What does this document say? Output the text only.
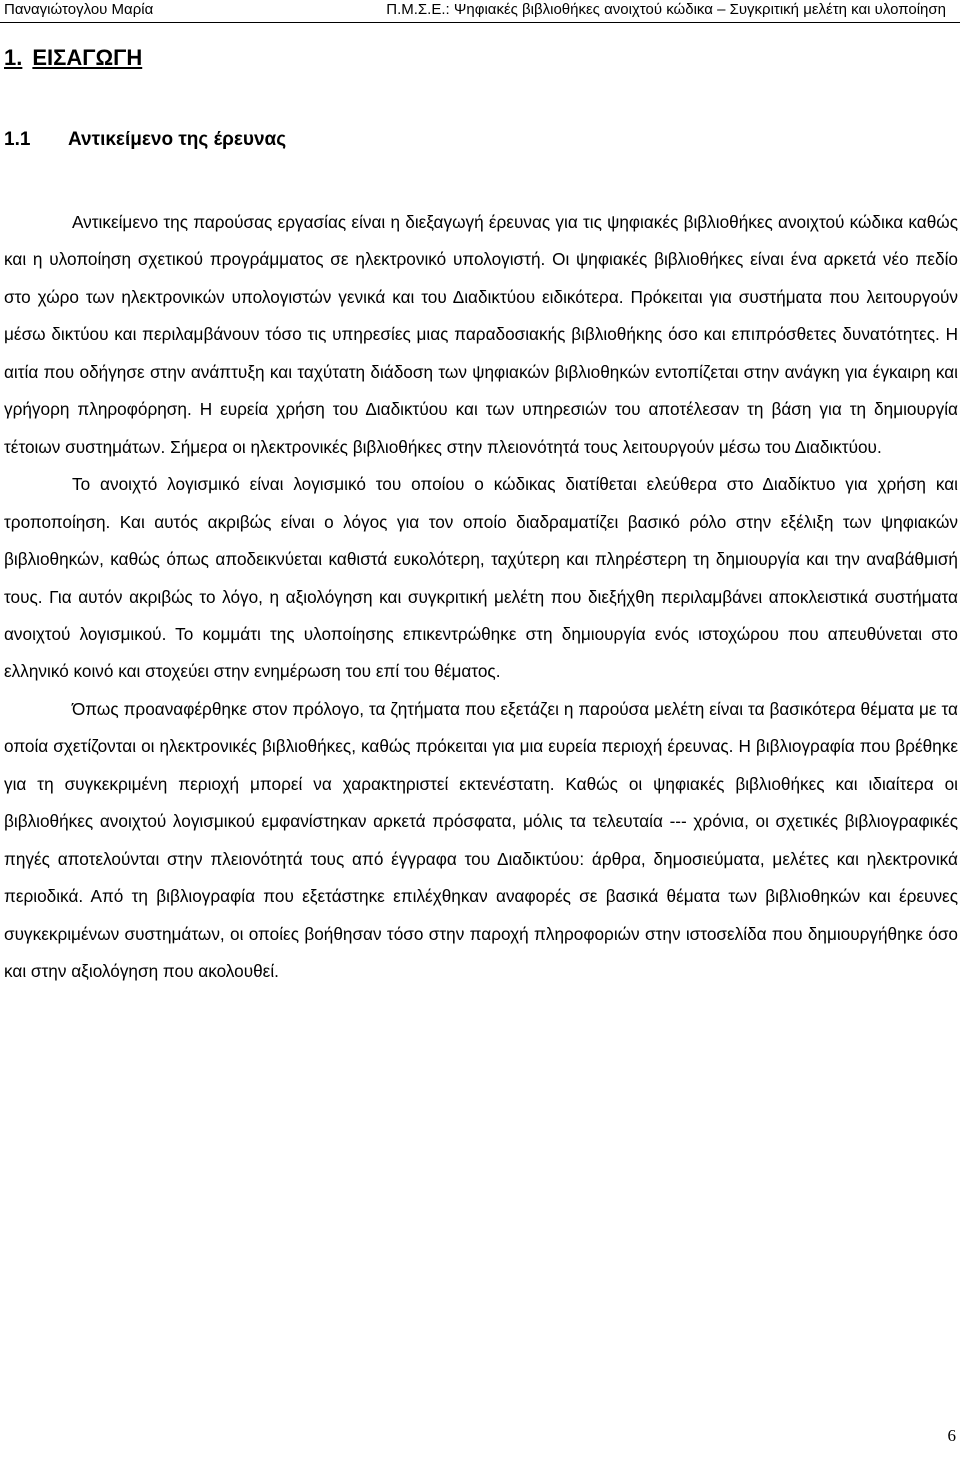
Παναγιώτογλου Μαρία	Π.Μ.Σ.Ε.: Ψηφιακές βιβλιοθήκες ανοιχτού κώδικα – Συγκριτική μελέτη και υλοποίηση
1. ΕΙΣΑΓΩΓΗ
1.1 Αντικείμενο της έρευνας

Αντικείμενο της παρούσας εργασίας είναι η διεξαγωγή έρευνας για τις ψηφιακές βιβλιοθήκες ανοιχτού κώδικα καθώς και η υλοποίηση σχετικού προγράμματος σε ηλεκτρονικό υπολογιστή. Οι ψηφιακές βιβλιοθήκες είναι ένα αρκετά νέο πεδίο στο χώρο των ηλεκτρονικών υπολογιστών γενικά και του Διαδικτύου ειδικότερα. Πρόκειται για συστήματα που λειτουργούν μέσω δικτύου και περιλαμβάνουν τόσο τις υπηρεσίες μιας παραδοσιακής βιβλιοθήκης όσο και επιπρόσθετες δυνατότητες. Η αιτία που οδήγησε στην ανάπτυξη και ταχύτατη διάδοση των ψηφιακών βιβλιοθηκών εντοπίζεται στην ανάγκη για έγκαιρη και γρήγορη πληροφόρηση. Η ευρεία χρήση του Διαδικτύου και των υπηρεσιών του αποτέλεσαν τη βάση για τη δημιουργία τέτοιων συστημάτων. Σήμερα οι ηλεκτρονικές βιβλιοθήκες στην πλειονότητά τους λειτουργούν μέσω του Διαδικτύου.

Το ανοιχτό λογισμικό είναι λογισμικό του οποίου ο κώδικας διατίθεται ελεύθερα στο Διαδίκτυο για χρήση και τροποποίηση. Και αυτός ακριβώς είναι ο λόγος για τον οποίο διαδραματίζει βασικό ρόλο στην εξέλιξη των ψηφιακών βιβλιοθηκών, καθώς όπως αποδεικνύεται καθιστά ευκολότερη, ταχύτερη και πληρέστερη τη δημιουργία και την αναβάθμισή τους. Για αυτόν ακριβώς το λόγο, η αξιολόγηση και συγκριτική μελέτη που διεξήχθη περιλαμβάνει αποκλειστικά συστήματα ανοιχτού λογισμικού. Το κομμάτι της υλοποίησης επικεντρώθηκε στη δημιουργία ενός ιστοχώρου που απευθύνεται στο ελληνικό κοινό και στοχεύει στην ενημέρωση του επί του θέματος.

Όπως προαναφέρθηκε στον πρόλογο, τα ζητήματα που εξετάζει η παρούσα μελέτη είναι τα βασικότερα θέματα με τα οποία σχετίζονται οι ηλεκτρονικές βιβλιοθήκες, καθώς πρόκειται για μια ευρεία περιοχή έρευνας. Η βιβλιογραφία που βρέθηκε για τη συγκεκριμένη περιοχή μπορεί να χαρακτηριστεί εκτενέστατη. Καθώς οι ψηφιακές βιβλιοθήκες και ιδιαίτερα οι βιβλιοθήκες ανοιχτού λογισμικού εμφανίστηκαν αρκετά πρόσφατα, μόλις τα τελευταία --- χρόνια, οι σχετικές βιβλιογραφικές πηγές αποτελούνται στην πλειονότητά τους από έγγραφα του Διαδικτύου: άρθρα, δημοσιεύματα, μελέτες και ηλεκτρονικά περιοδικά. Από τη βιβλιογραφία που εξετάστηκε επιλέχθηκαν αναφορές σε βασικά θέματα των βιβλιοθηκών και έρευνες συγκεκριμένων συστημάτων, οι οποίες βοήθησαν τόσο στην παροχή πληροφοριών στην ιστοσελίδα που δημιουργήθηκε όσο και στην αξιολόγηση που ακολουθεί.

6
